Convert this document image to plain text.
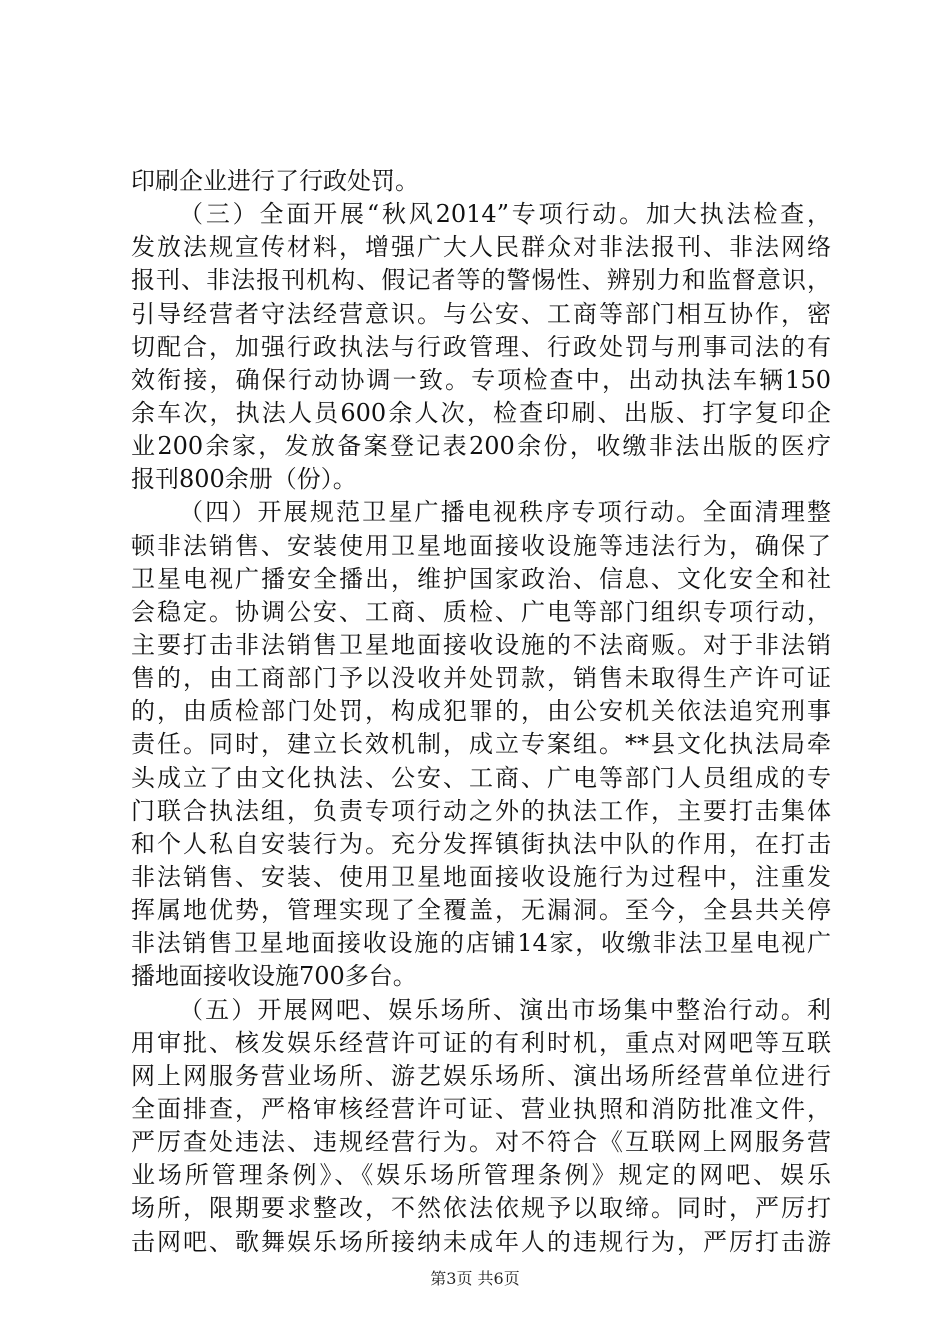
印刷企业进行了行政处罚。

（三）全面开展“秋风2014”专项行动。加大执法检查，

发放法规宣传材料，增强广大人民群众对非法报刊、非法网络

报刊、非法报刊机构、假记者等的警惕性、辨别力和监督意识，

引导经营者守法经营意识。与公安、工商等部门相互协作，密

切配合，加强行政执法与行政管理、行政处罚与刑事司法的有

效衔接，确保行动协调一致。专项检查中，出动执法车辆150

余车次，执法人员600余人次，检查印刷、出版、打字复印企

业200余家，发放备案登记表200余份，收缴非法出版的医疗

报刊800余册（份）。

（四）开展规范卫星广播电视秩序专项行动。全面清理整

顿非法销售、安装使用卫星地面接收设施等违法行为，确保了

卫星电视广播安全播出，维护国家政治、信息、文化安全和社

会稳定。协调公安、工商、质检、广电等部门组织专项行动，

主要打击非法销售卫星地面接收设施的不法商贩。对于非法销

售的，由工商部门予以没收并处罚款，销售未取得生产许可证

的，由质检部门处罚，构成犯罪的，由公安机关依法追究刑事

责任。同时，建立长效机制，成立专案组。**县文化执法局牵

头成立了由文化执法、公安、工商、广电等部门人员组成的专

门联合执法组，负责专项行动之外的执法工作，主要打击集体

和个人私自安装行为。充分发挥镇街执法中队的作用，在打击

非法销售、安装、使用卫星地面接收设施行为过程中，注重发

挥属地优势，管理实现了全覆盖，无漏洞。至今，全县共关停

非法销售卫星地面接收设施的店铺14家，收缴非法卫星电视广

播地面接收设施700多台。

（五）开展网吧、娱乐场所、演出市场集中整治行动。利

用审批、核发娱乐经营许可证的有利时机，重点对网吧等互联

网上网服务营业场所、游艺娱乐场所、演出场所经营单位进行

全面排查，严格审核经营许可证、营业执照和消防批准文件，

严厉查处违法、违规经营行为。对不符合《互联网上网服务营

业场所管理条例》、《娱乐场所管理条例》规定的网吧、娱乐

场所，限期要求整改，不然依法依规予以取缔。同时，严厉打

击网吧、歌舞娱乐场所接纳未成年人的违规行为，严厉打击游

第3页 共6页
